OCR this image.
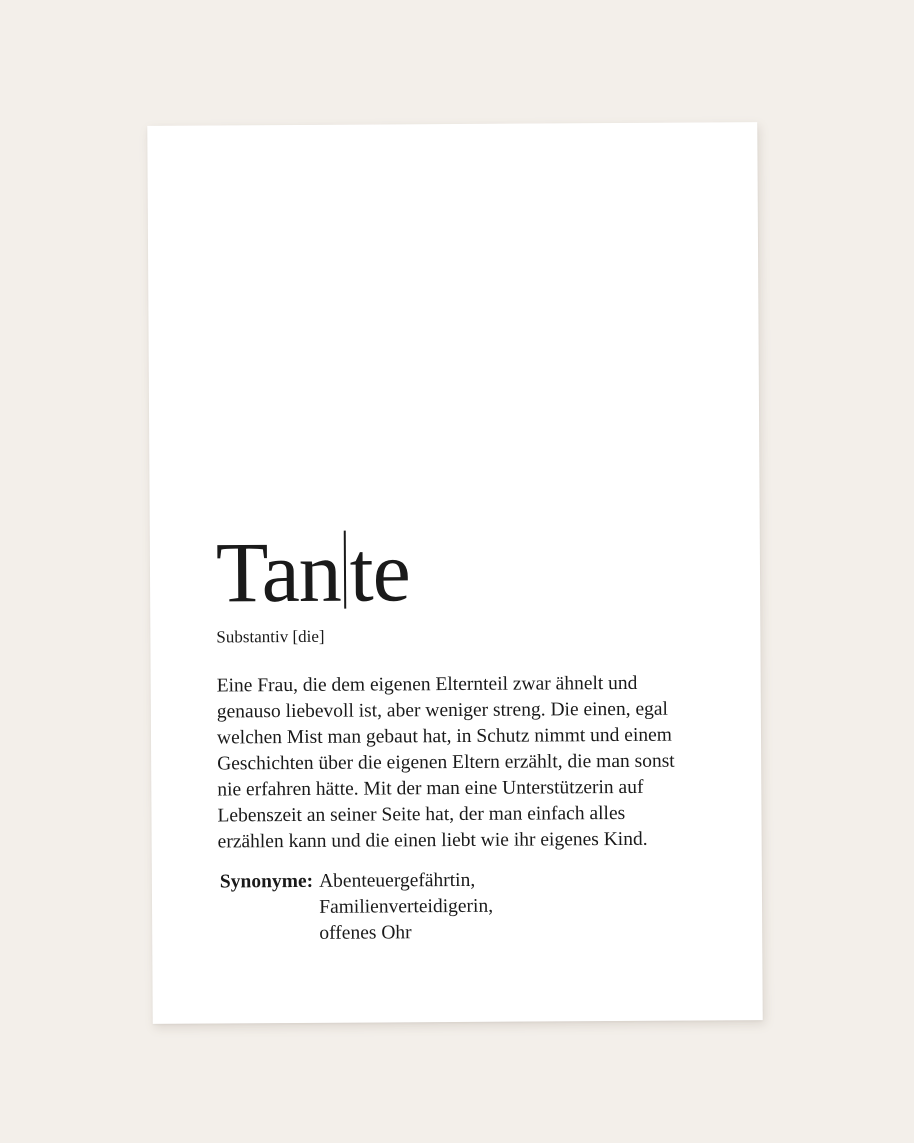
Tante
Substantiv [die]

Eine Frau, die dem eigenen Elternteil zwar ähnelt und genauso liebevoll ist, aber weniger streng. Die einen, egal welchen Mist man gebaut hat, in Schutz nimmt und einem Geschichten über die eigenen Eltern erzählt, die man sonst nie erfahren hätte. Mit der man eine Unterstützerin auf Lebenszeit an seiner Seite hat, der man einfach alles erzählen kann und die einen liebt wie ihr eigenes Kind.

Synonyme: Abenteuergefährtin,
Familienverteidigerin,
offenes Ohr
